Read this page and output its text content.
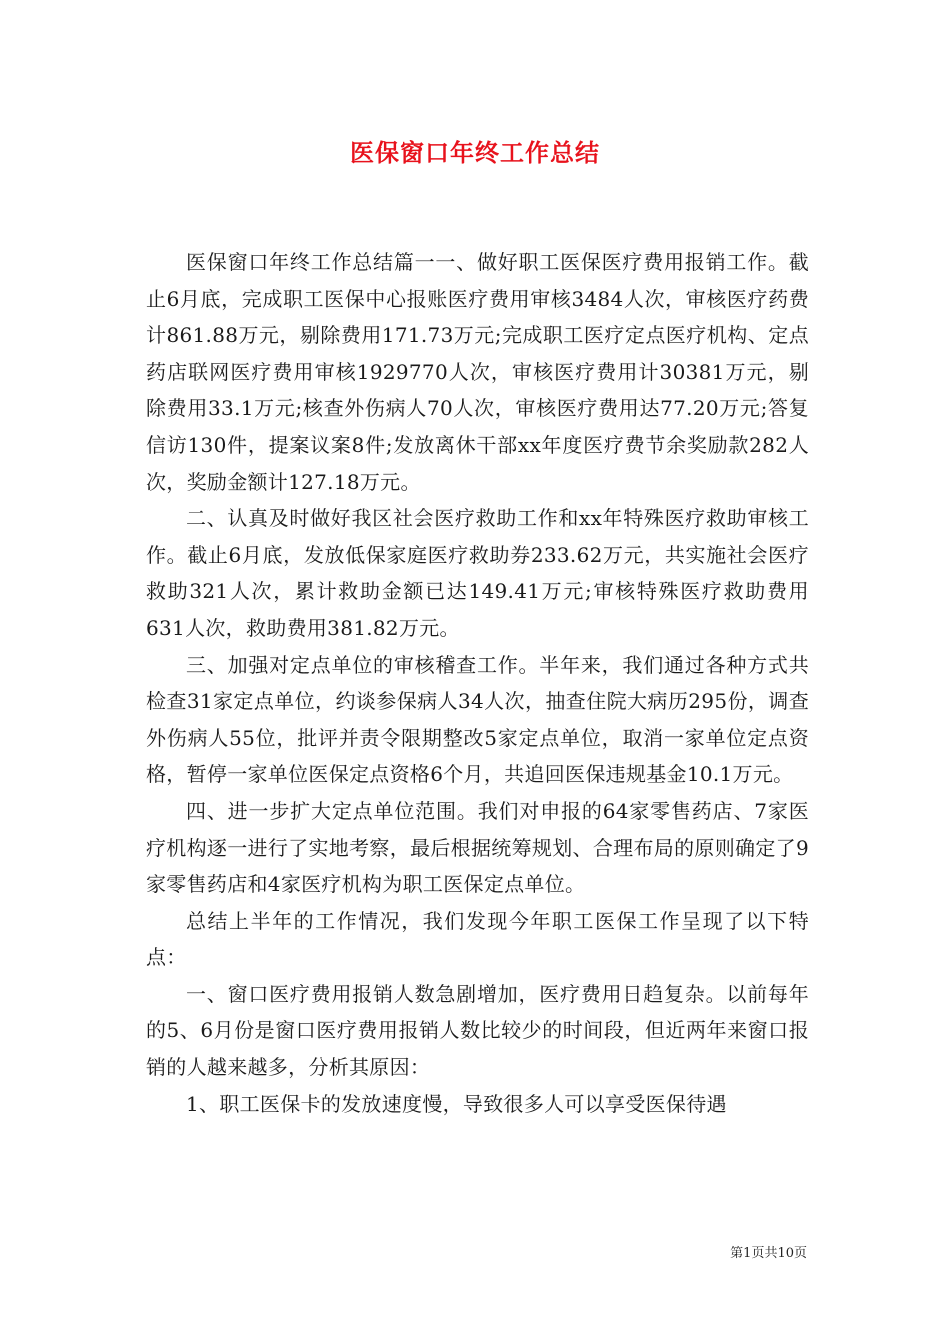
医保窗口年终工作总结

医保窗口年终工作总结篇一一、做好职工医保医疗费用报销工作。截止6月底，完成职工医保中心报账医疗费用审核3484人次，审核医疗药费计861.88万元，剔除费用171.73万元;完成职工医疗定点医疗机构、定点药店联网医疗费用审核1929770人次，审核医疗费用计30381万元，剔除费用33.1万元;核查外伤病人70人次，审核医疗费用达77.20万元;答复信访130件，提案议案8件;发放离休干部xx年度医疗费节余奖励款282人次，奖励金额计127.18万元。

二、认真及时做好我区社会医疗救助工作和xx年特殊医疗救助审核工作。截止6月底，发放低保家庭医疗救助券233.62万元，共实施社会医疗救助321人次，累计救助金额已达149.41万元;审核特殊医疗救助费用631人次，救助费用381.82万元。

三、加强对定点单位的审核稽查工作。半年来，我们通过各种方式共检查31家定点单位，约谈参保病人34人次，抽查住院大病历295份，调查外伤病人55位，批评并责令限期整改5家定点单位，取消一家单位定点资格，暂停一家单位医保定点资格6个月，共追回医保违规基金10.1万元。

四、进一步扩大定点单位范围。我们对申报的64家零售药店、7家医疗机构逐一进行了实地考察，最后根据统筹规划、合理布局的原则确定了9家零售药店和4家医疗机构为职工医保定点单位。

总结上半年的工作情况，我们发现今年职工医保工作呈现了以下特点：

一、窗口医疗费用报销人数急剧增加，医疗费用日趋复杂。以前每年的5、6月份是窗口医疗费用报销人数比较少的时间段，但近两年来窗口报销的人越来越多，分析其原因：

1、职工医保卡的发放速度慢，导致很多人可以享受医保待遇

第1页共10页
